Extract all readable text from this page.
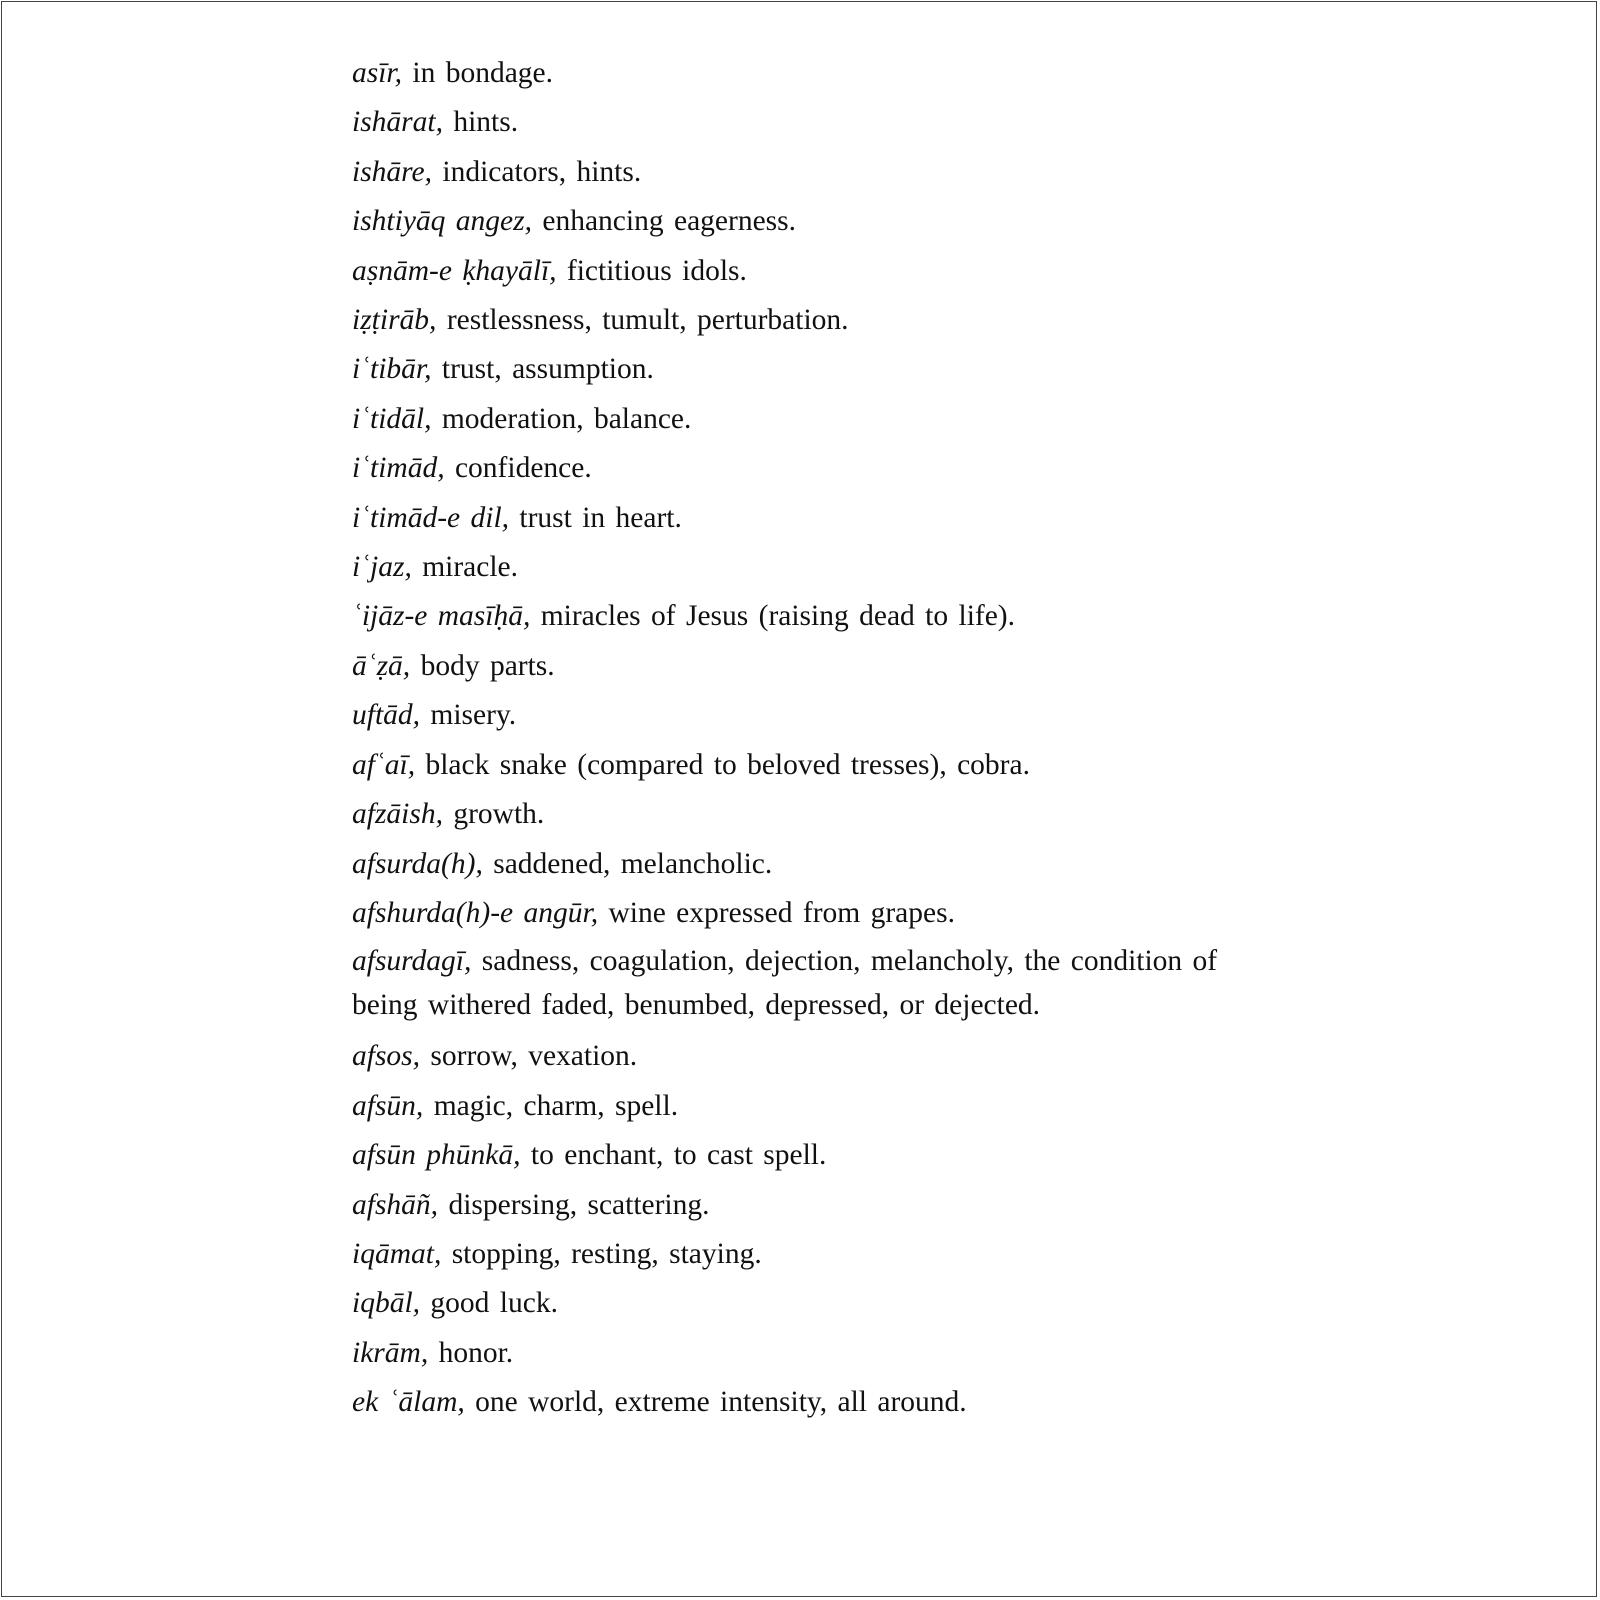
asīr, in bondage.

ishārat, hints.

ishāre, indicators, hints.

ishtiyāq angez, enhancing eagerness.

aṣnām-e ḳhayālī, fictitious idols.

iẓṭirāb, restlessness, tumult, perturbation.

iʿtibār, trust, assumption.

iʿtidāl, moderation, balance.

iʿtimād, confidence.

iʿtimād-e dil, trust in heart.

iʿjaz, miracle.

ʿijāz-e masīḥā, miracles of Jesus (raising dead to life).

āʿẓā, body parts.

uftād, misery.

afʿaī, black snake (compared to beloved tresses), cobra.

afzāish, growth.

afsurda(h), saddened, melancholic.

afshurda(h)-e angūr, wine expressed from grapes.

afsurdagī, sadness, coagulation, dejection, melancholy, the condition of being withered faded, benumbed, depressed, or dejected.

afsos, sorrow, vexation.

afsūn, magic, charm, spell.

afsūn phūnkā, to enchant, to cast spell.

afshāñ, dispersing, scattering.

iqāmat, stopping, resting, staying.

iqbāl, good luck.

ikrām, honor.

ek ʿālam, one world, extreme intensity, all around.
